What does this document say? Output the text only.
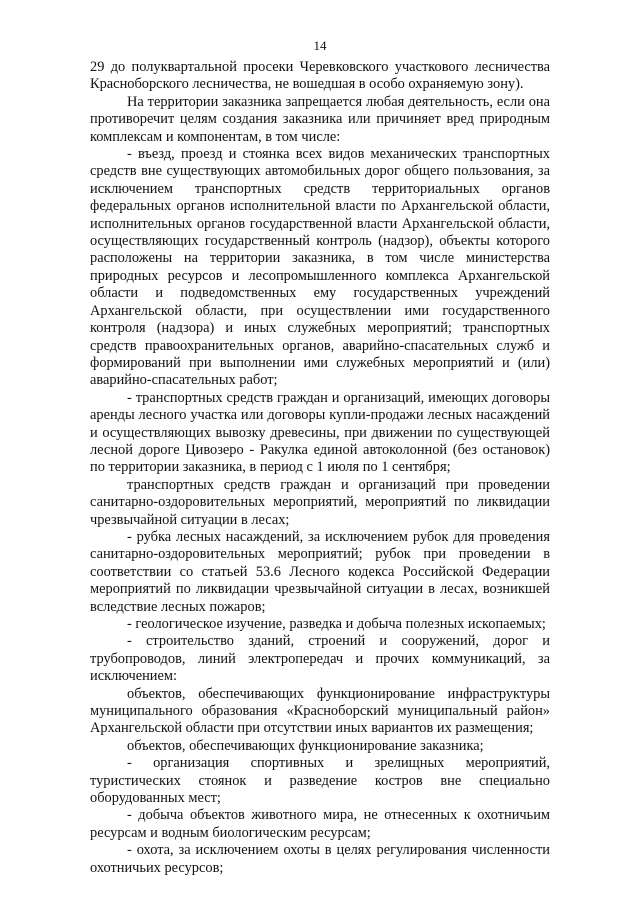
14

29 до полуквартальной просеки Черевковского участкового лесничества Красноборского лесничества, не вошедшая в особо охраняемую зону).

На территории заказника запрещается любая деятельность, если она противоречит целям создания заказника или причиняет вред природным комплексам и компонентам, в том числе:

- въезд, проезд и стоянка всех видов механических транспортных средств вне существующих автомобильных дорог общего пользования, за исключением транспортных средств территориальных органов федеральных органов исполнительной власти по Архангельской области, исполнительных органов государственной власти Архангельской области, осуществляющих государственный контроль (надзор), объекты которого расположены на территории заказника, в том числе министерства природных ресурсов и лесопромышленного комплекса Архангельской области и подведомственных ему государственных учреждений Архангельской области, при осуществлении ими государственного контроля (надзора) и иных служебных мероприятий; транспортных средств правоохранительных органов, аварийно-спасательных служб и формирований при выполнении ими служебных мероприятий и (или) аварийно-спасательных работ;

- транспортных средств граждан и организаций, имеющих договоры аренды лесного участка или договоры купли-продажи лесных насаждений и осуществляющих вывозку древесины, при движении по существующей лесной дороге Цивозеро - Ракулка единой автоколонной (без остановок) по территории заказника, в период с 1 июля по 1 сентября;

транспортных средств граждан и организаций при проведении санитарно-оздоровительных мероприятий, мероприятий по ликвидации чрезвычайной ситуации в лесах;

- рубка лесных насаждений, за исключением рубок для проведения санитарно-оздоровительных мероприятий; рубок при проведении в соответствии со статьей 53.6 Лесного кодекса Российской Федерации мероприятий по ликвидации чрезвычайной ситуации в лесах, возникшей вследствие лесных пожаров;

- геологическое изучение, разведка и добыча полезных ископаемых;

- строительство зданий, строений и сооружений, дорог и трубопроводов, линий электропередач и прочих коммуникаций, за исключением:

объектов, обеспечивающих функционирование инфраструктуры муниципального образования «Красноборский муниципальный район» Архангельской области при отсутствии иных вариантов их размещения;

объектов, обеспечивающих функционирование заказника;

- организация спортивных и зрелищных мероприятий, туристических стоянок и разведение костров вне специально оборудованных мест;

- добыча объектов животного мира, не отнесенных к охотничьим ресурсам и водным биологическим ресурсам;

- охота, за исключением охоты в целях регулирования численности охотничьих ресурсов;
